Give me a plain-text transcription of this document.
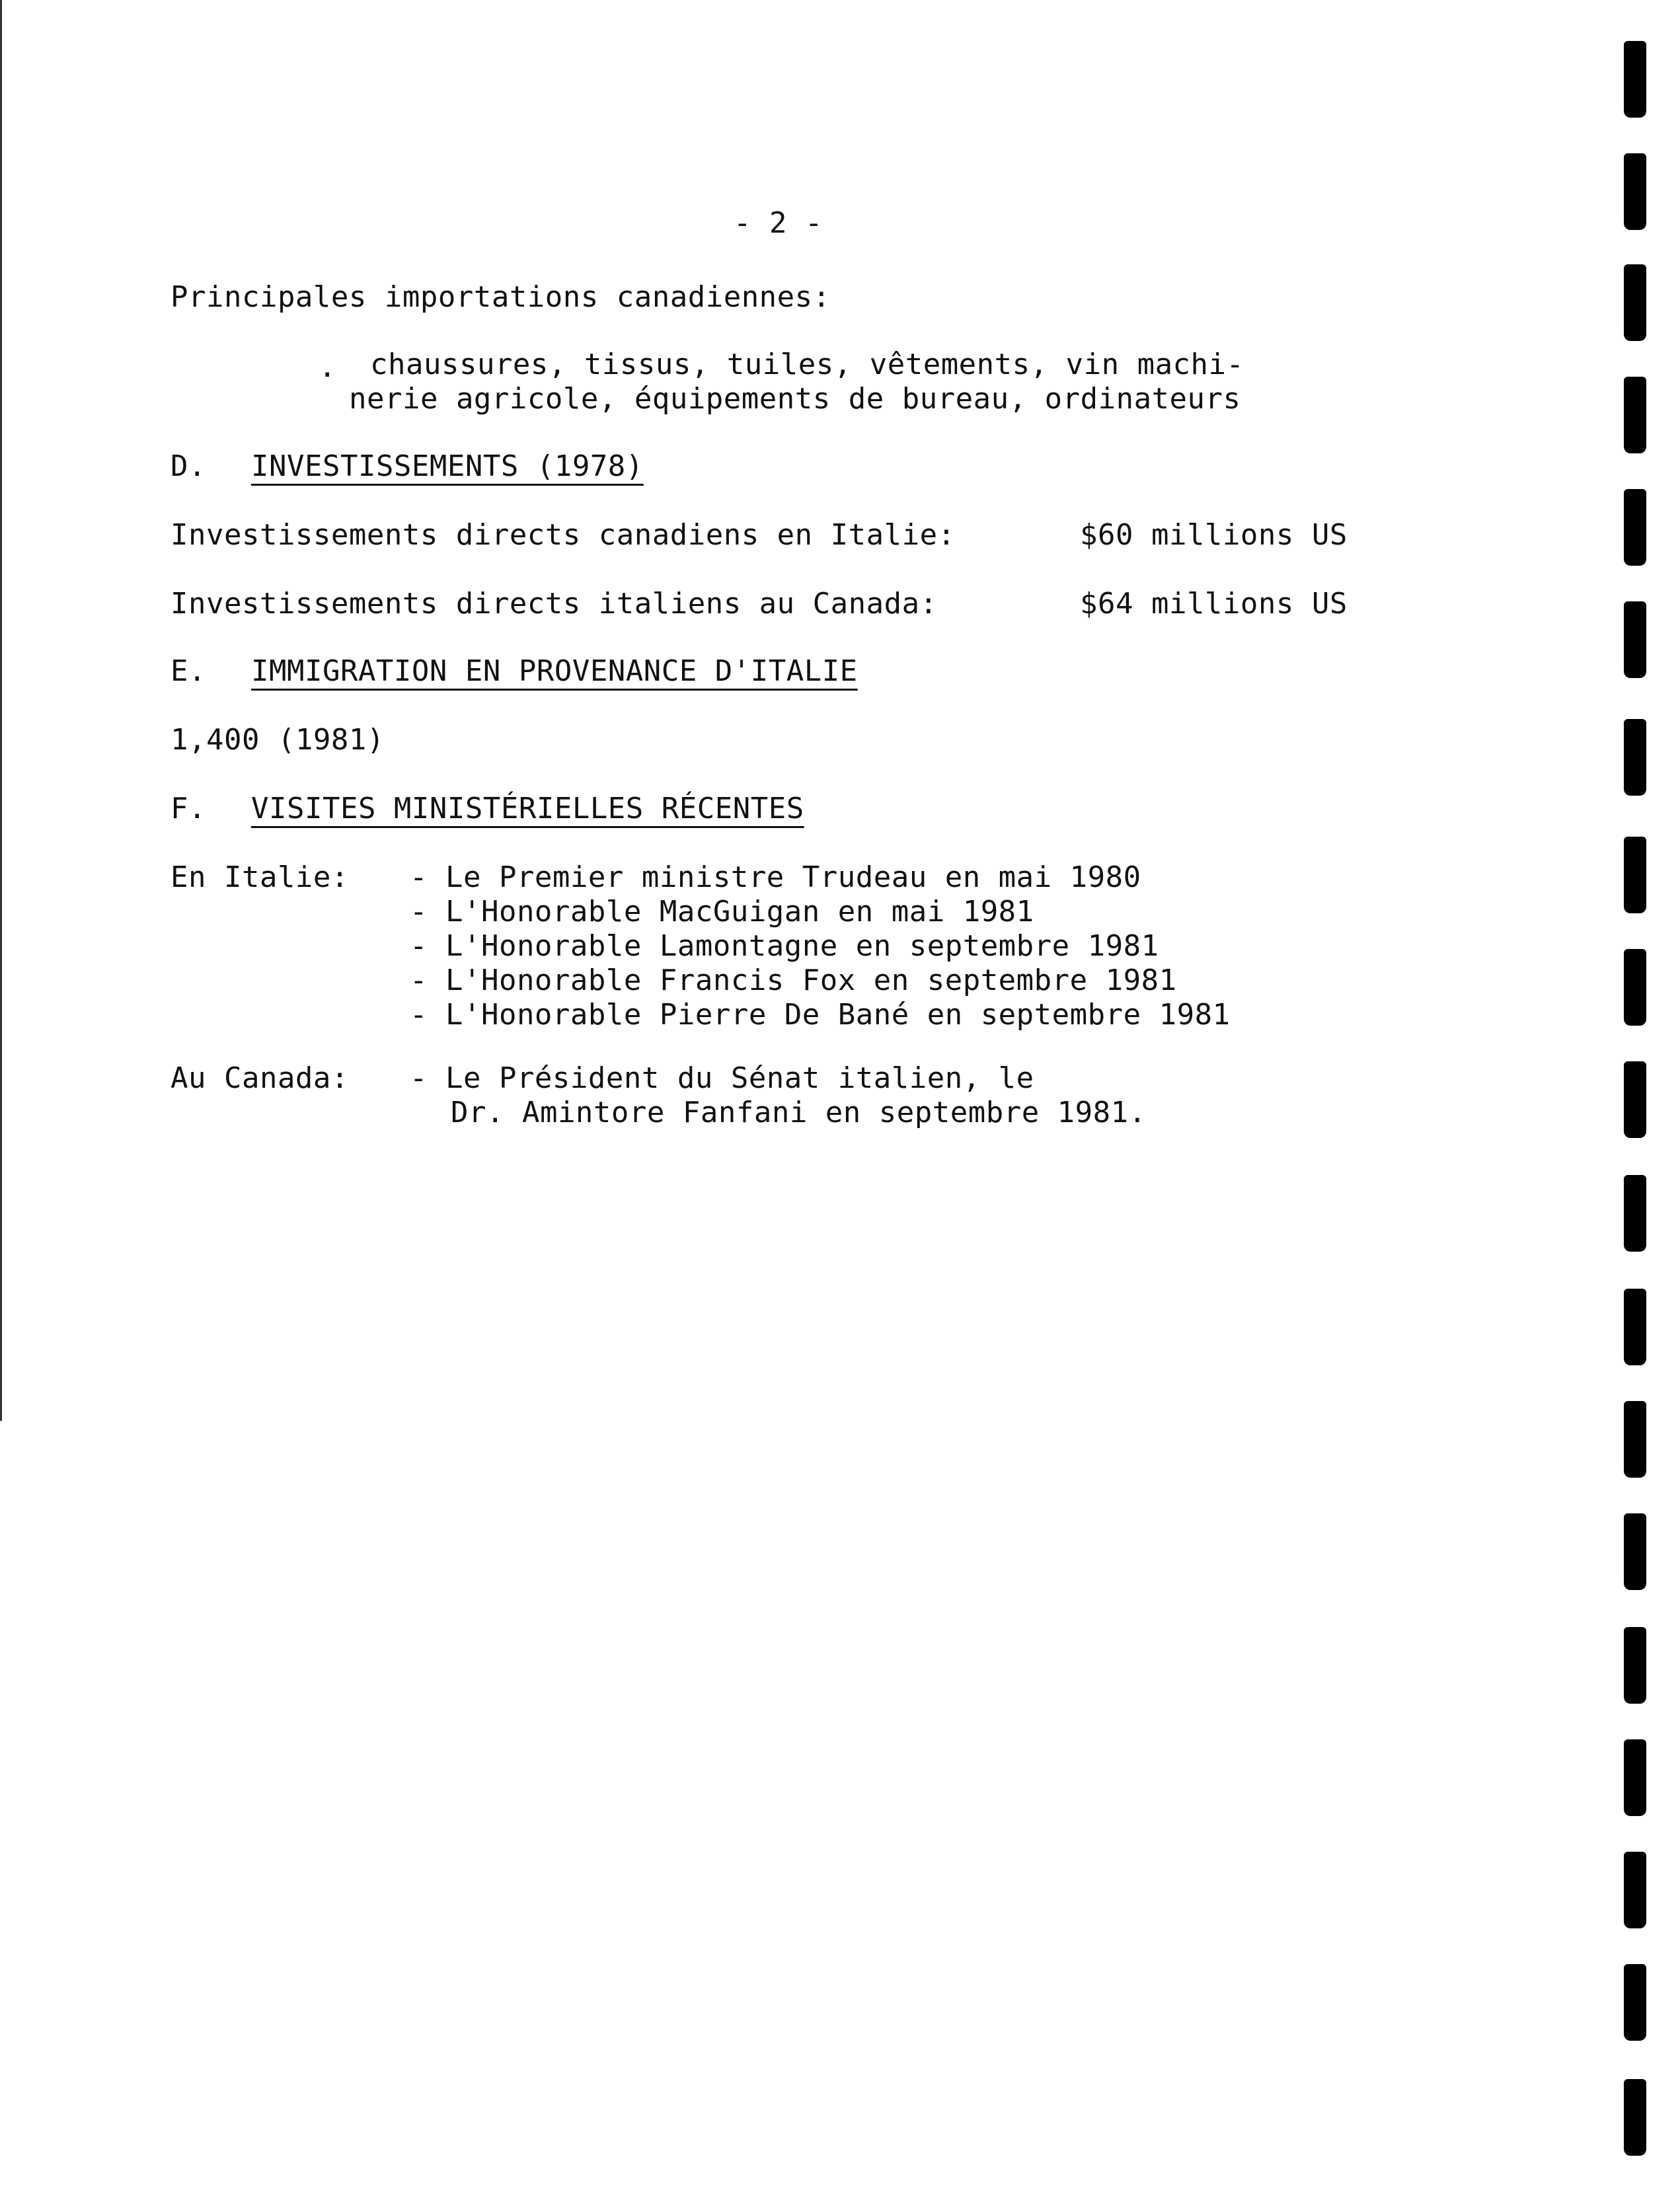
- 2 -
Principales importations canadiennes:
. chaussures, tissus, tuiles, vêtements, vin machi-
nerie agricole, équipements de bureau, ordinateurs
D. INVESTISSEMENTS (1978)
Investissements directs canadiens en Italie:	$60 millions US
Investissements directs italiens au Canada:	$64 millions US
E. IMMIGRATION EN PROVENANCE D'ITALIE
1,400 (1981)
F. VISITES MINISTÉRIELLES RÉCENTES
En Italie: - Le Premier ministre Trudeau en mai 1980
- L'Honorable MacGuigan en mai 1981
- L'Honorable Lamontagne en septembre 1981
- L'Honorable Francis Fox en septembre 1981
- L'Honorable Pierre De Bané en septembre 1981
Au Canada: - Le Président du Sénat italien, le
Dr. Amintore Fanfani en septembre 1981.
